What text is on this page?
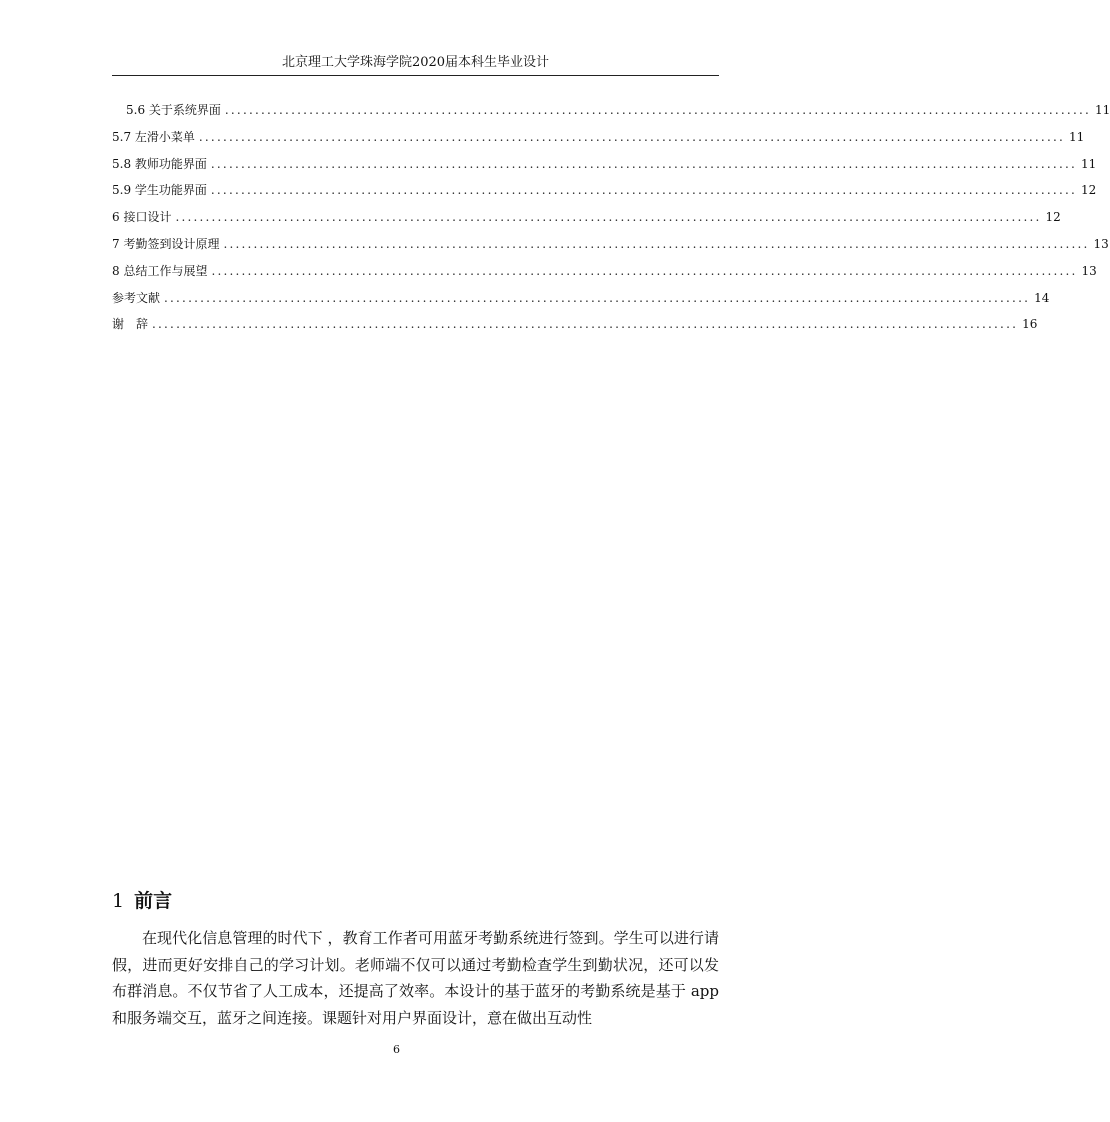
北京理工大学珠海学院2020届本科生毕业设计
5.6 关于系统界面 ................................................................................................................................................ 11
5.7 左滑小菜单 ................................................................................................................................................ 11
5.8 教师功能界面 ................................................................................................................................................ 11
5.9 学生功能界面 ................................................................................................................................................ 12
6 接口设计 ................................................................................................................................................ 12
7 考勤签到设计原理 ................................................................................................................................................ 13
8 总结工作与展望 ................................................................................................................................................ 13
参考文献 ................................................................................................................................................ 14
谢　辞 ................................................................................................................................................ 16
1 前言

在现代化信息管理的时代下 ，教育工作者可用蓝牙考勤系统进行签到。学生可以进行请假，进而更好安排自己的学习计划。老师端不仅可以通过考勤检查学生到勤状况，还可以发布群消息。不仅节省了人工成本，还提高了效率。本设计的基于蓝牙的考勤系统是基于 app 和服务端交互，蓝牙之间连接。课题针对用户界面设计，意在做出互动性

6
